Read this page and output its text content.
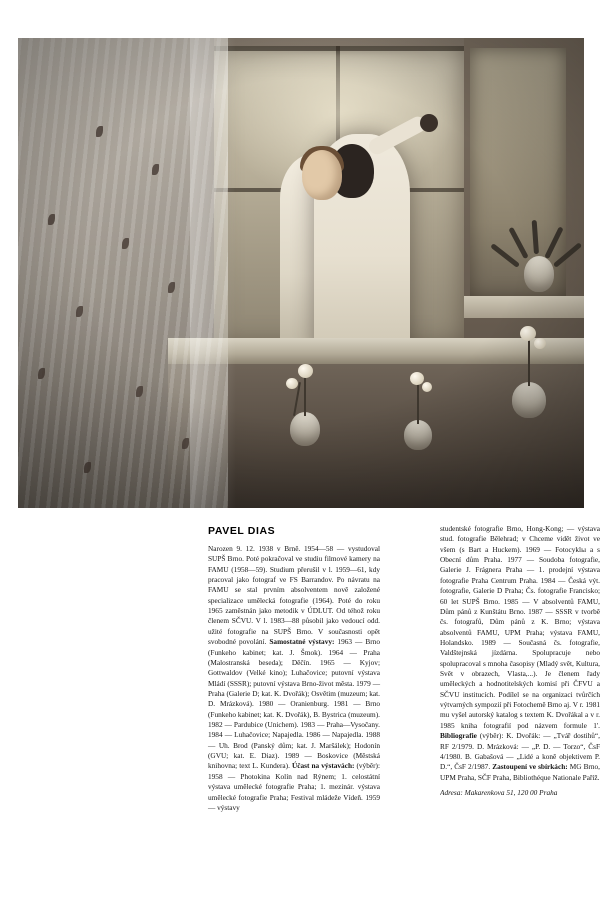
PAVEL DIAS

Narozen 9. 12. 1938 v Brně. 1954—58 — vystudoval SUPŠ Brno. Poté pokračoval ve studiu filmové kamery na FAMU (1958—59). Studium přerušil v l. 1959—61, kdy pracoval jako fotograf ve FS Barrandov. Po návratu na FAMU se stal prvním absolventem nově založené specializace umělecká fotografie (1964). Poté do roku 1965 zaměstnán jako metodik v ÚDLUT. Od téhož roku členem SČVU. V l. 1983—88 působil jako vedoucí odd. užité fotografie na SUPŠ Brno. V současnosti opět svobodné povolání. Samostatné výstavy: 1963 — Brno (Funkeho kabinet; kat. J. Šmok). 1964 — Praha (Malostranská beseda); Děčín. 1965 — Kyjov; Gottwaldov (Velké kino); Luhačovice; putovní výstava Mládí (SSSR); putovní výstava Brno-život města. 1979 — Praha (Galerie D; kat. K. Dvořák); Osvětim (muzeum; kat. D. Mrázková). 1980 — Oranienburg. 1981 — Brno (Funkeho kabinet; kat. K. Dvořák), B. Bystrica (muzeum). 1982 — Pardubice (Unichem). 1983 — Praha—Vysočany. 1984 — Luhačovice; Napajedla. 1986 — Napajedla. 1988 — Uh. Brod (Panský dům; kat. J. Maršálek); Hodonín (GVU; kat. E. Diaz). 1989 — Boskovice (Městská knihovna; text L. Kunderа). Účast na výstavách: (výběr): 1958 — Photokina Kolín nad Rýnem; 1. celostátní výstava umělecké fotografie Praha; 1. mezinár. výstava umělecké fotografie Praha; Festival mládeže Vídeň. 1959 — výstavy

studentské fotografie Brno, Hong-Kong; — výstava stud. fotografie Bělehrad; v Chceme vidět život ve všem (s Bart a Huckem). 1969 — Fotocyklы a s Obecní dům Praha. 1977 — Soudoba fotografie, Galerie J. Frágnera Praha — 1. prodejní výstava fotografie Praha Centrum Praha. 1984 — Česká výt. fotografie, Galerie D Praha; Čs. fotografie Francisko; 60 let SUPŠ Brno. 1985 — V absolventů FAMU, Dům pánů z Kunštátu Brno. 1987 — SSSR v tvorbě čs. fotografů, Dům pánů z K. Brno; výstava absolventů FAMU, UPM Praha; výstava FAMU, Holandsko. 1989 — Současná čs. fotografie, Valdštejnská jízdárna. Spolupracuje nebo spolupracoval s mnoha časopisy (Mladý svět, Kultura, Svět v obrazech, Vlasta,...). Je členem řady uměleckých a hodnotitelských komisí při ČFVU a SČVU institucích. Podílel se na organizaci tvůrčích výtvarných sympozií při Fotochemě Brno aj. V r. 1981 mu vyšel autorský katalog s textem K. Dvořákal a v r. 1985 kniha fotografií pod názvem formule 1'. Bibliografie (výběr): K. Dvořák: — „Tvář dostihů“, RF 2/1979. D. Mrázková: — „P. D. — Torzo“, ČsF 4/1980. B. Gabašová — „Lidé a koně objektivem P. D.“, ČsF 2/1987. Zastoupení ve sbírkách: MG Brno, UPM Praha, SČF Praha, Bibliothéque Nationale Paříž.

Adresa: Makarenkova 51, 120 00 Praha
